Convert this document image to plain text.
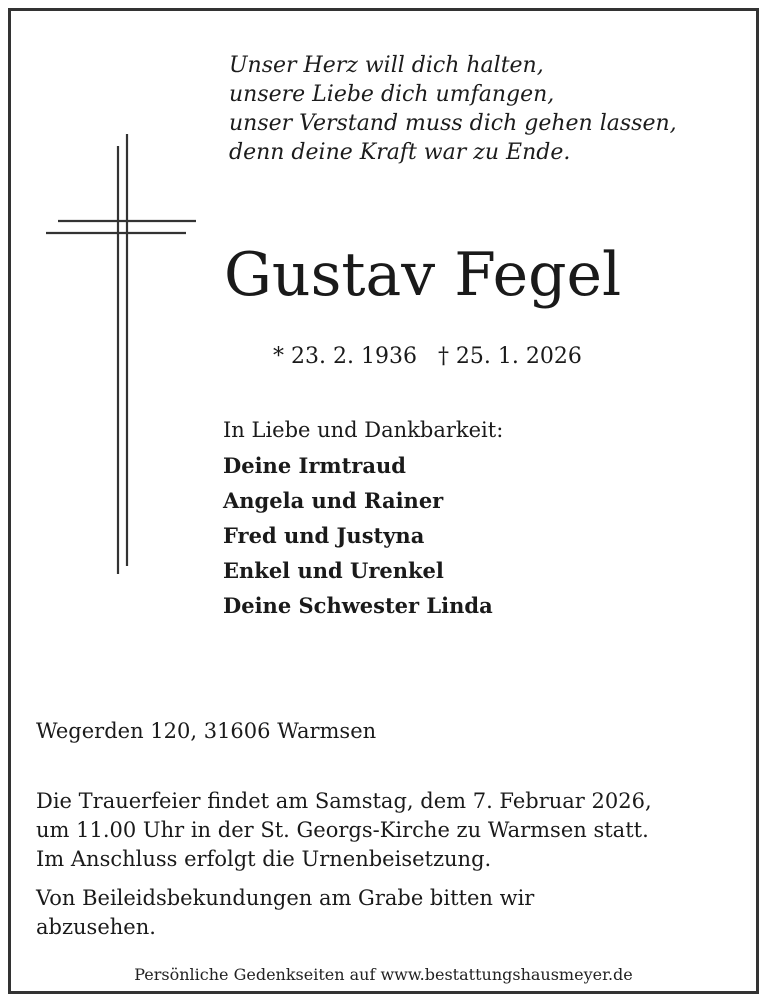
Unser Herz will dich halten,
unsere Liebe dich umfangen,
unser Verstand muss dich gehen lassen,
denn deine Kraft war zu Ende.
Gustav Fegel
* 23. 2. 1936 † 25. 1. 2026
In Liebe und Dankbarkeit:
Deine Irmtraud
Angela und Rainer
Fred und Justyna
Enkel und Urenkel
Deine Schwester Linda
Wegerden 120, 31606 Warmsen
Die Trauerfeier findet am Samstag, dem 7. Februar 2026,
um 11.00 Uhr in der St. Georgs-Kirche zu Warmsen statt.
Im Anschluss erfolgt die Urnenbeisetzung.
Von Beileidsbekundungen am Grabe bitten wir
abzusehen.
Persönliche Gedenkseiten auf www.bestattungshausmeyer.de
